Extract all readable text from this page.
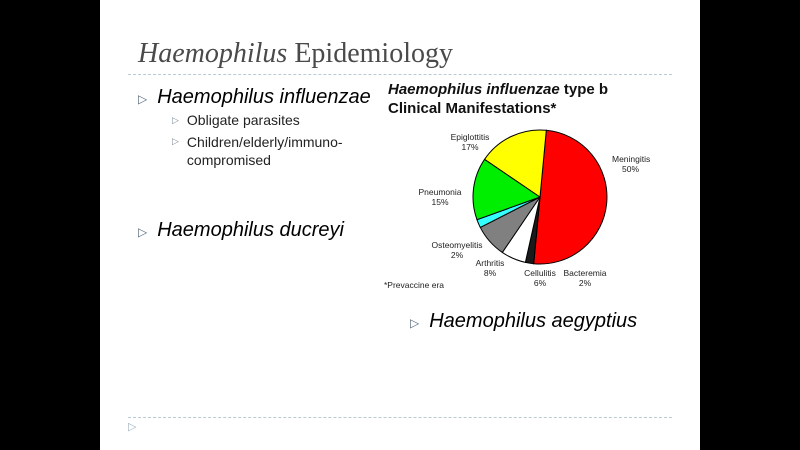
Haemophilus Epidemiology
▷ Haemophilus influenzae
▷ Obligate parasites
▷ Children/elderly/immuno-
compromised
▷ Haemophilus ducreyi
Haemophilus influenzae type b
Clinical Manifestations*
Meningitis
50%
Bacteremia
2%
Cellulitis
6%
Arthritis
8%
Osteomyelitis
2%
Pneumonia
15%
Epiglottitis
17%
*Prevaccine era
▷ Haemophilus aegyptius
▷
